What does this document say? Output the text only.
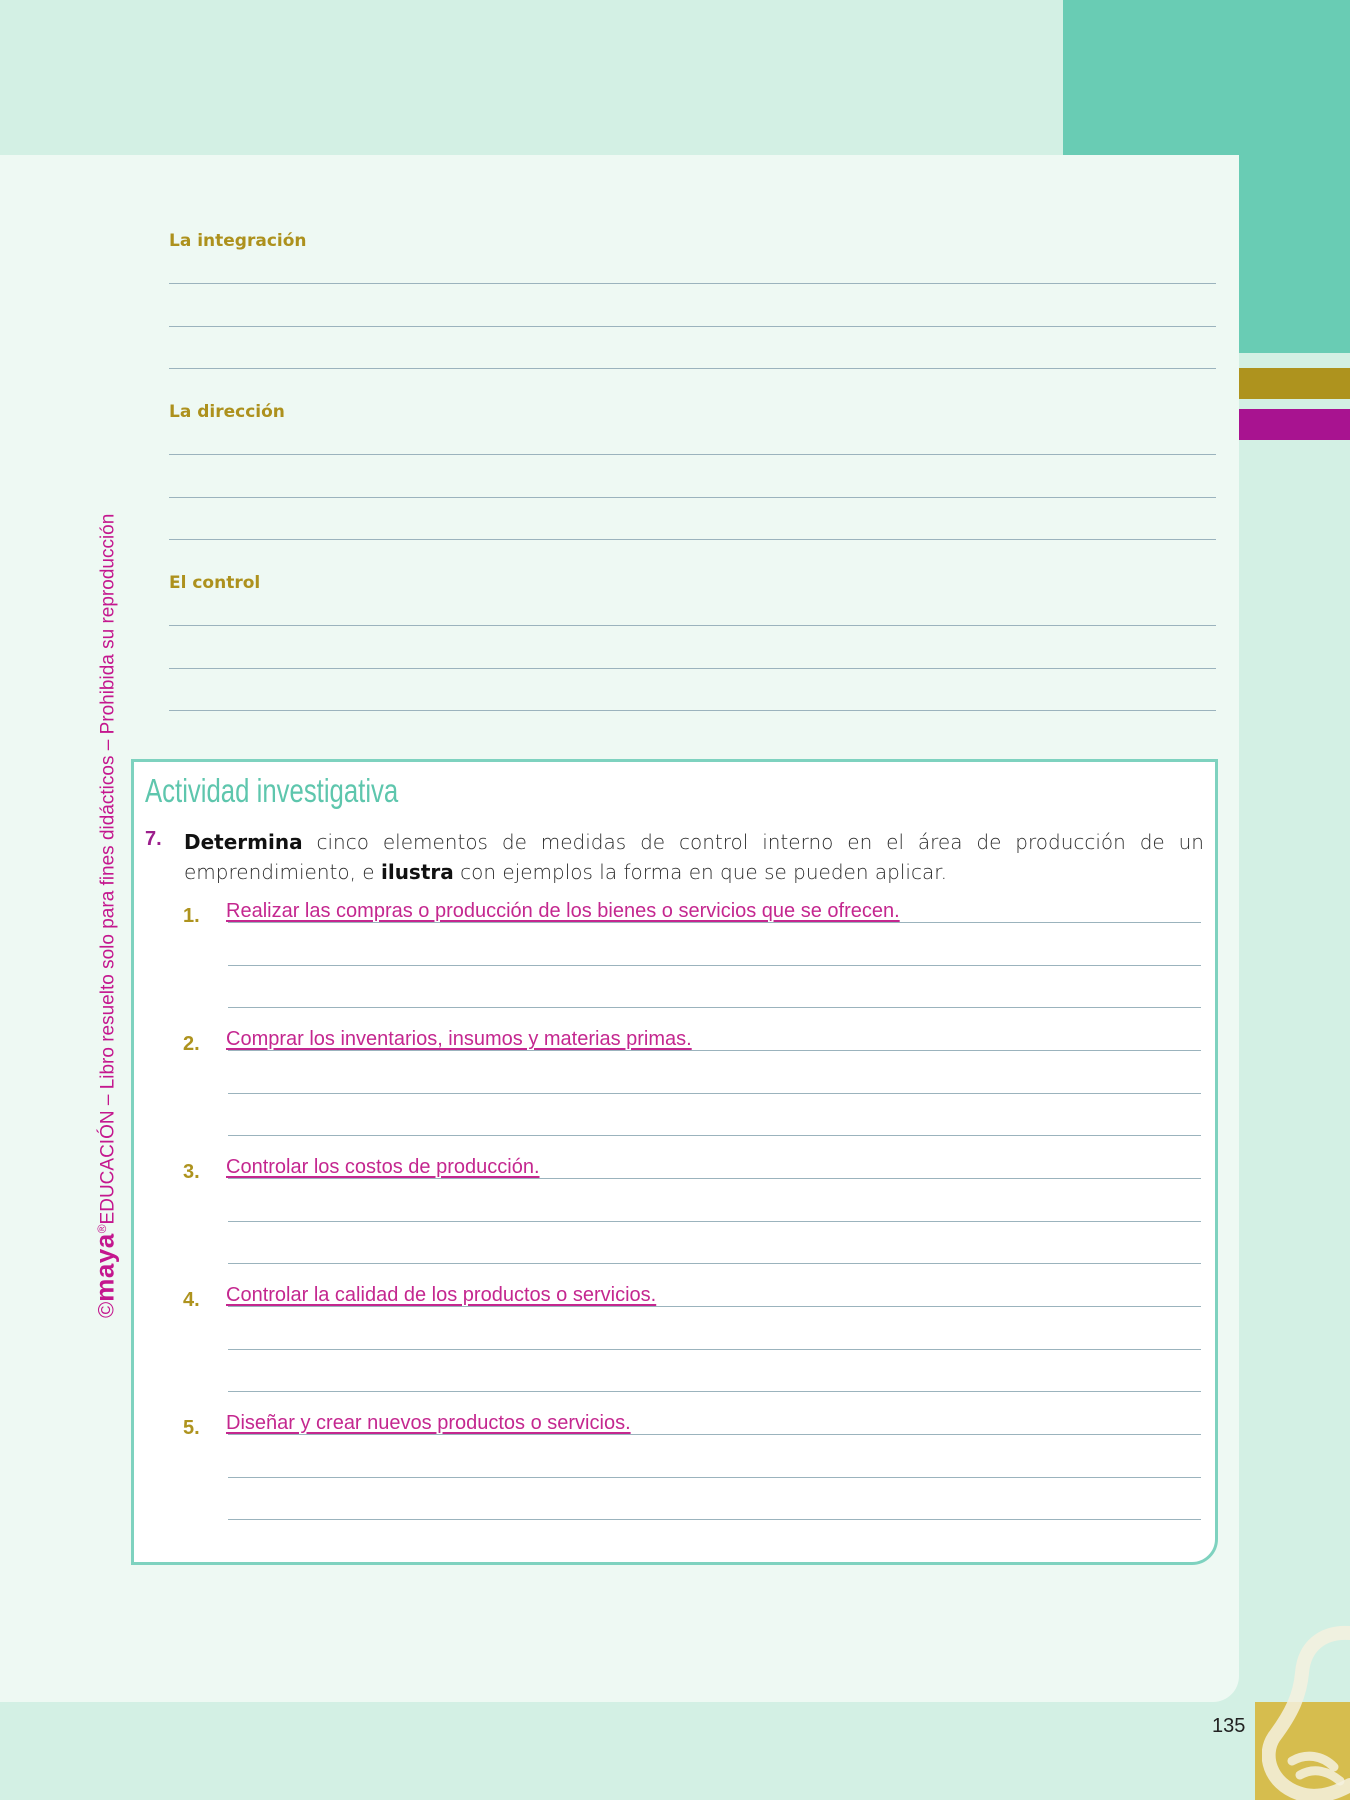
©maya®EDUCACIÓN – Libro resuelto solo para fines didácticos – Prohibida su reproducción
La integración
La dirección
El control
Actividad investigativa
7. Determina cinco elementos de medidas de control interno en el área de producción de un emprendimiento, e ilustra con ejemplos la forma en que se pueden aplicar.

1. Realizar las compras o producción de los bienes o servicios que se ofrecen.
2. Comprar los inventarios, insumos y materias primas.
3. Controlar los costos de producción.
4. Controlar la calidad de los productos o servicios.
5. Diseñar y crear nuevos productos o servicios.
135
